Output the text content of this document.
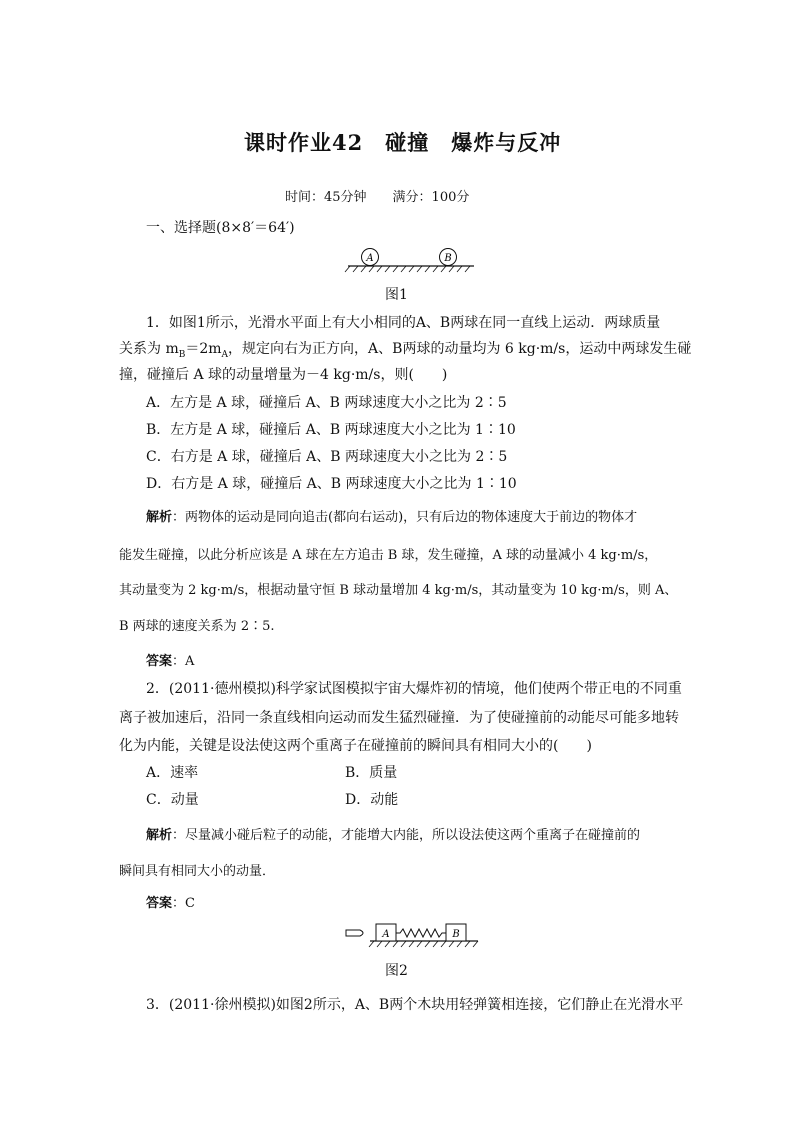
课时作业42　碰撞　爆炸与反冲
时间：45分钟　　满分：100分
一、选择题(8×8′＝64′)
A	B
图1
1．如图1所示，光滑水平面上有大小相同的A、B两球在同一直线上运动．两球质量
关系为 $m_B=2m_A$，规定向右为正方向，A、B两球的动量均为 6 kg·m/s，运动中两球发生碰
撞，碰撞后 A 球的动量增量为－4 kg·m/s，则(　　)
A．左方是 A 球，碰撞后 A、B 两球速度大小之比为 2∶5
B．左方是 A 球，碰撞后 A、B 两球速度大小之比为 1∶10
C．右方是 A 球，碰撞后 A、B 两球速度大小之比为 2∶5
D．右方是 A 球，碰撞后 A、B 两球速度大小之比为 1∶10
解析：两物体的运动是同向追击(都向右运动)，只有后边的物体速度大于前边的物体才
能发生碰撞，以此分析应该是 A 球在左方追击 B 球，发生碰撞，A 球的动量减小 4 kg·m/s，
其动量变为 2 kg·m/s，根据动量守恒 B 球动量增加 4 kg·m/s，其动量变为 10 kg·m/s，则 A、
B 两球的速度关系为 2∶5.
答案：A
2．(2011·德州模拟)科学家试图模拟宇宙大爆炸初的情境，他们使两个带正电的不同重
离子被加速后，沿同一条直线相向运动而发生猛烈碰撞．为了使碰撞前的动能尽可能多地转
化为内能，关键是设法使这两个重离子在碰撞前的瞬间具有相同大小的(　　)
A．速率	B．质量
C．动量	D．动能
解析：尽量减小碰后粒子的动能，才能增大内能，所以设法使这两个重离子在碰撞前的
瞬间具有相同大小的动量．
答案：C
A	B
图2
3．(2011·徐州模拟)如图2所示，A、B两个木块用轻弹簧相连接，它们静止在光滑水平
